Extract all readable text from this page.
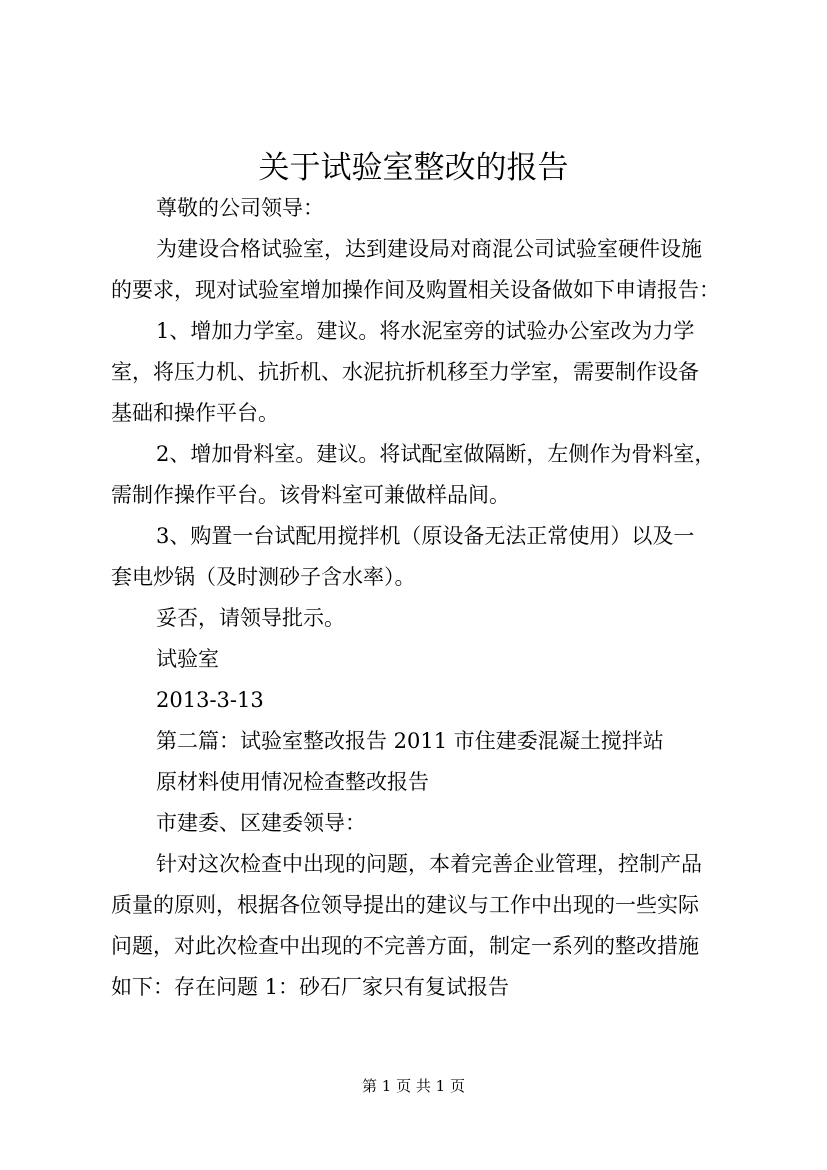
关于试验室整改的报告
尊敬的公司领导：
为建设合格试验室，达到建设局对商混公司试验室硬件设施
的要求，现对试验室增加操作间及购置相关设备做如下申请报告：
1、增加力学室。建议。将水泥室旁的试验办公室改为力学
室，将压力机、抗折机、水泥抗折机移至力学室，需要制作设备
基础和操作平台。
2、增加骨料室。建议。将试配室做隔断，左侧作为骨料室，
需制作操作平台。该骨料室可兼做样品间。
3、购置一台试配用搅拌机（原设备无法正常使用）以及一
套电炒锅（及时测砂子含水率）。
妥否，请领导批示。
试验室
2013-3-13
第二篇：试验室整改报告 2011 市住建委混凝土搅拌站
原材料使用情况检查整改报告
市建委、区建委领导：
针对这次检查中出现的问题，本着完善企业管理，控制产品
质量的原则，根据各位领导提出的建议与工作中出现的一些实际
问题，对此次检查中出现的不完善方面，制定一系列的整改措施
如下：存在问题 1：砂石厂家只有复试报告
第 1 页 共 1 页
